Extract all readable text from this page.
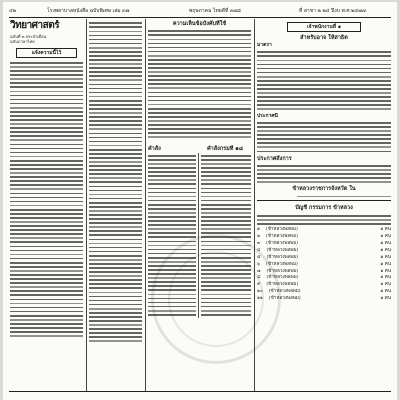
๔๒	โรงพยาบาลหนังสือ ฉบับพิเศษ เล่ม ๓๗	พฤษภาคม ไทยดีที่ ๓๗๘	ที่ สาขา ๒ ๒๔ ปีงบ พ.ศ.๒๔๗๗
วิทยาศาสตร์
ฉบับที่ ๓ ประจำเดือน
ฉบับภาษาไทย
แจ้งความนี้ไว้
ความเห็นข้อบังคับที่ใช้
คำสั่ง	คำสั่งกรมที่ ๑๘
เจ้าพนักงานที่ ๑
สำหรับอาจ ให้สาธิต
มาตรา
ประกาศนี้
ประกาศสั่งการ
ข้าหลวงราชการจังหวัด ใน
บัญชี กรรมการ ข้าหลวง
๑	(ข้าหลวงพลพม)	๑ คน
๒	(ข้าหลวงพลพม)	๑ คน
๓	(ข้าหลวงพลพม)	๑ คน
๔	(ข้าหลวงพลพม)	๑ คน
๕	(ข้าหลวงพลพม)	๑ คน
๖	(ข้าหลวงพลพม)	๑ คน
๗	(ข้าหลวงพลพม)	๑ คน
๘	(ข้าหลวงพลพม)	๑ คน
๙	(ข้าหลวงพลพม)	๑ คน
๑๐	(ข้าหลวงพลพม)	๑ คน
๑๑	(ข้าหลวงพลพม)	๑ คน
